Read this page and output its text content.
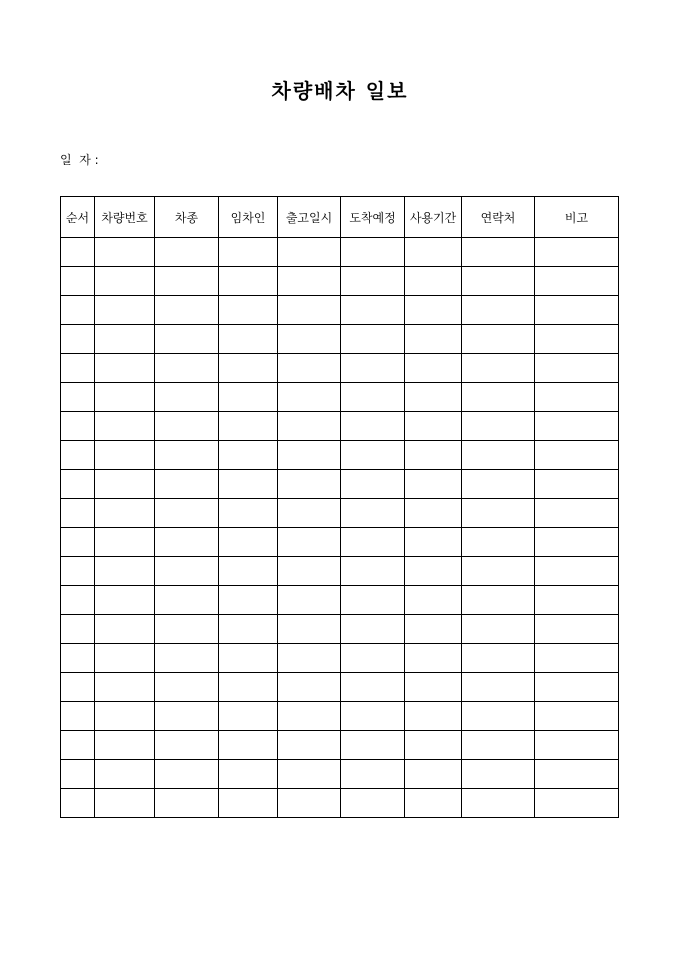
차량배차 일보
일  자 :
순서	차량번호	차종	임차인	출고일시	도착예정	사용기간	연락처	비고
